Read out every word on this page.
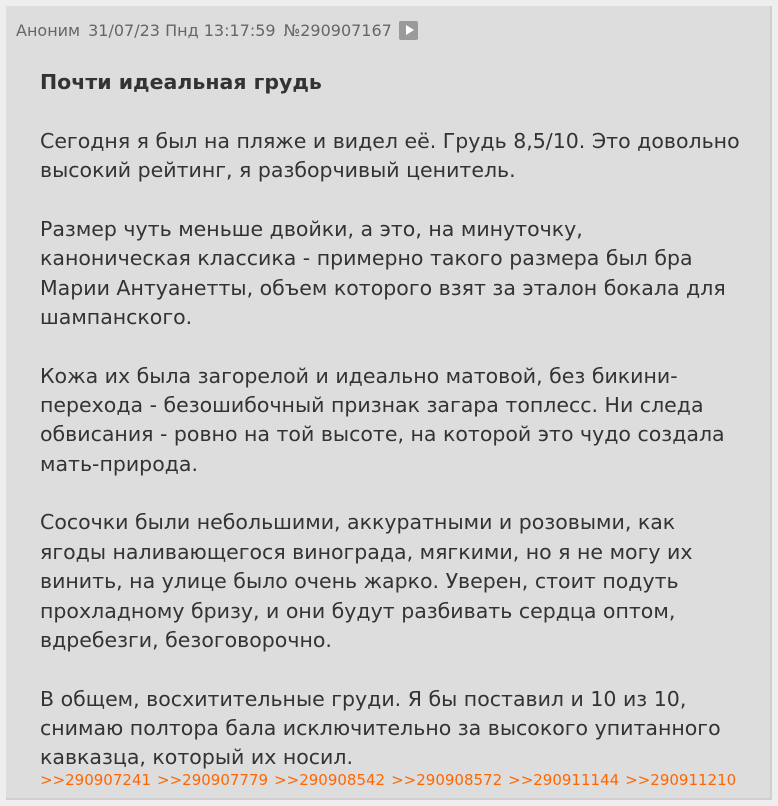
Аноним 31/07/23 Пнд 13:17:59 №290907167

Почти идеальная грудь

Сегодня я был на пляже и видел её. Грудь 8,5/10. Это довольно высокий рейтинг, я разборчивый ценитель.

Размер чуть меньше двойки, а это, на минуточку, каноническая классика - примерно такого размера был бра Марии Антуанетты, объем которого взят за эталон бокала для шампанского.

Кожа их была загорелой и идеально матовой, без бикини-перехода - безошибочный признак загара топлесс. Ни следа обвисания - ровно на той высоте, на которой это чудо создала мать-природа.

Сосочки были небольшими, аккуратными и розовыми, как ягоды наливающегося винограда, мягкими, но я не могу их винить, на улице было очень жарко. Уверен, стоит подуть прохладному бризу, и они будут разбивать сердца оптом, вдребезги, безоговорочно.

В общем, восхитительные груди. Я бы поставил и 10 из 10, снимаю полтора бала исключительно за высокого упитанного кавказца, который их носил.

>>290907241 >>290907779 >>290908542 >>290908572 >>290911144 >>290911210
